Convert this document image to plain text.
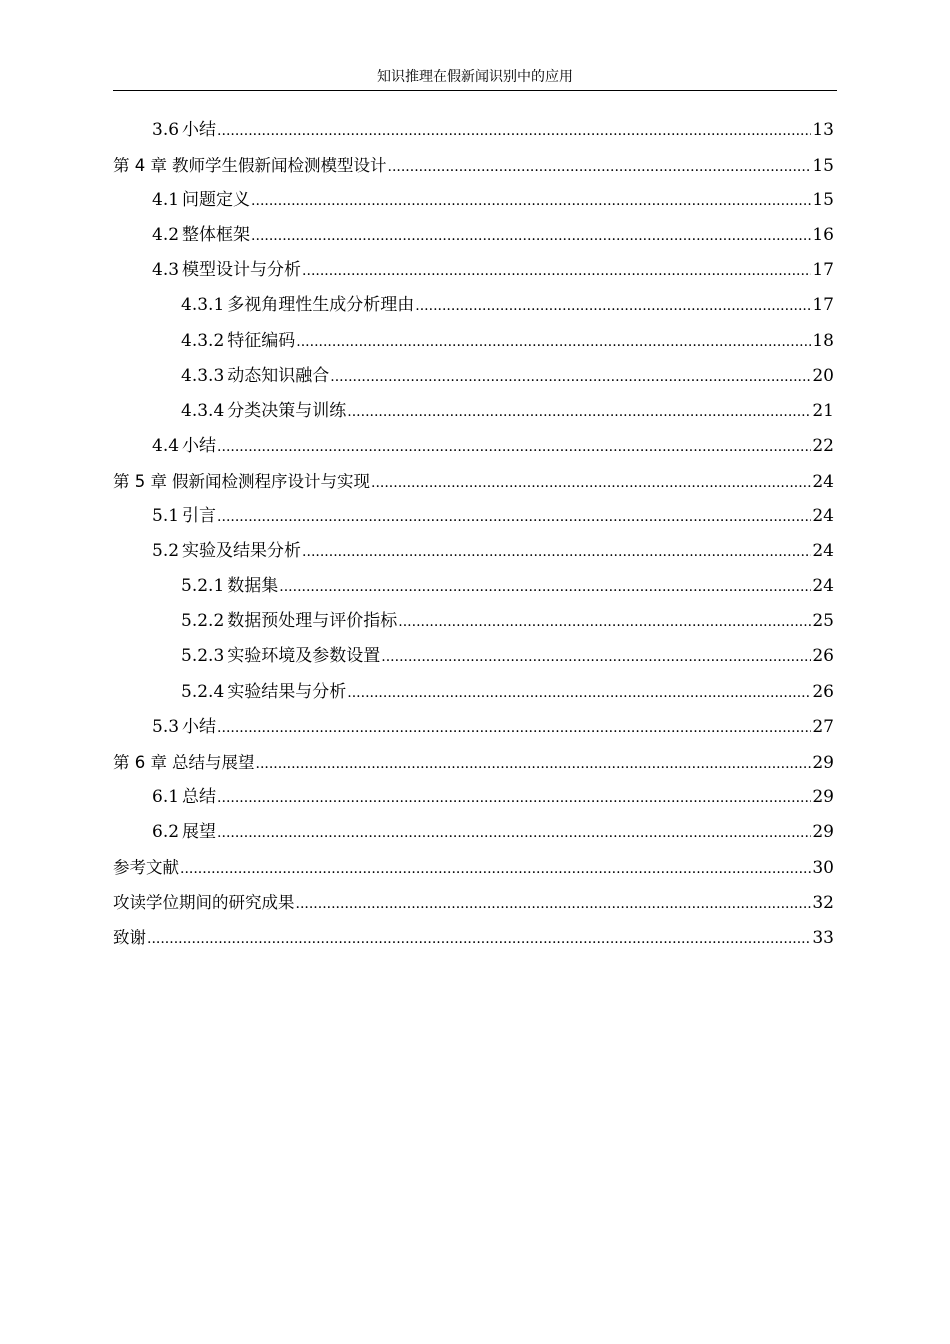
知识推理在假新闻识别中的应用
3.6 小结 .....	13
第 4 章 教师学生假新闻检测模型设计 .....	15
4.1 问题定义 .....	15
4.2 整体框架 .....	16
4.3 模型设计与分析 .....	17
4.3.1 多视角理性生成分析理由 .....	17
4.3.2 特征编码 .....	18
4.3.3 动态知识融合 .....	20
4.3.4 分类决策与训练 .....	21
4.4 小结 .....	22
第 5 章 假新闻检测程序设计与实现 .....	24
5.1 引言 .....	24
5.2 实验及结果分析 .....	24
5.2.1 数据集 .....	24
5.2.2 数据预处理与评价指标 .....	25
5.2.3 实验环境及参数设置 .....	26
5.2.4 实验结果与分析 .....	26
5.3 小结 .....	27
第 6 章 总结与展望 .....	29
6.1 总结 .....	29
6.2 展望 .....	29
参考文献 .....	30
攻读学位期间的研究成果 .....	32
致谢 .....	33
